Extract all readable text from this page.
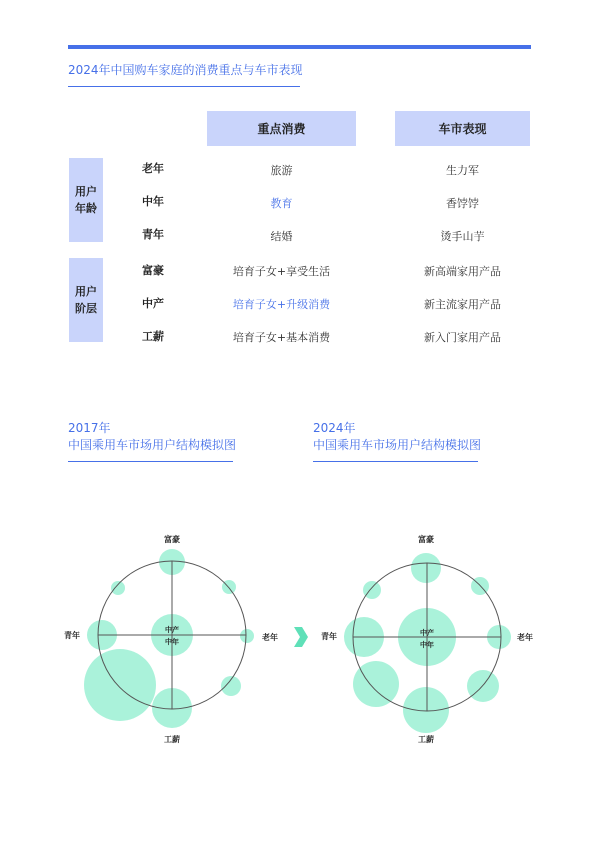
2024年中国购车家庭的消费重点与车市表现
重点消费	车市表现
用户
年龄
老年	旅游	生力军
中年	教育	香饽饽
青年	结婚	烫手山芋
用户
阶层
富豪	培育子女+享受生活	新高端家用产品
中产	培育子女+升级消费	新主流家用产品
工薪	培育子女+基本消费	新入门家用产品
2017年
中国乘用车市场用户结构模拟图
2024年
中国乘用车市场用户结构模拟图
富豪
工薪
青年	老年
中产
中年
富豪
工薪
青年	老年
中产
中年
